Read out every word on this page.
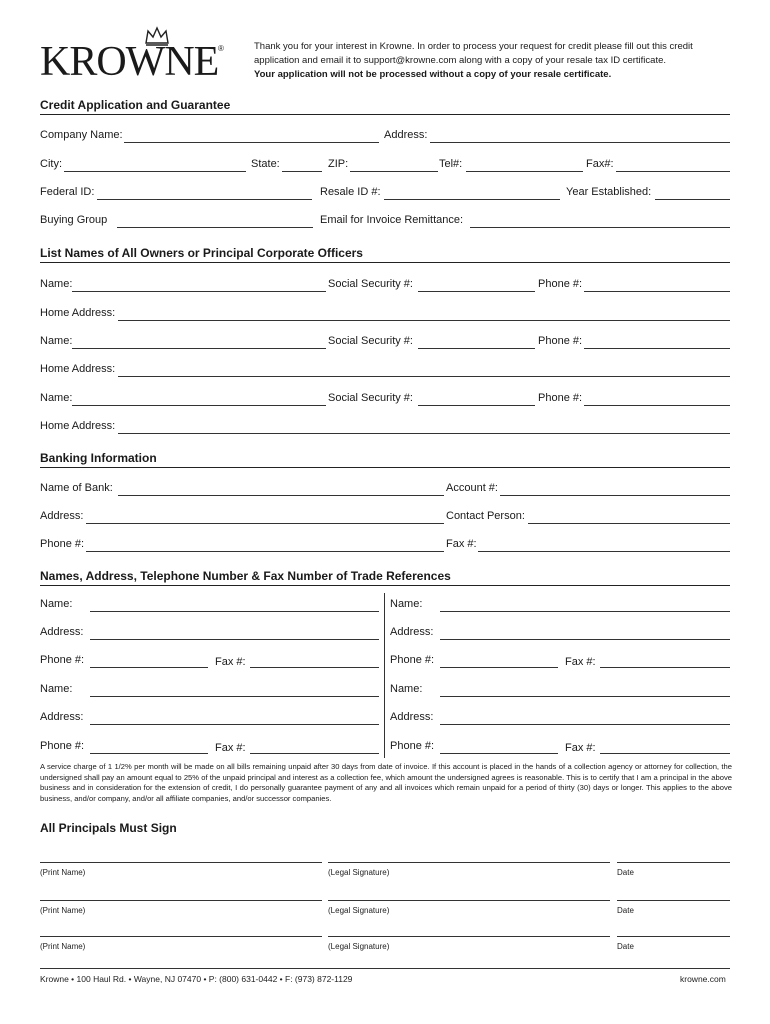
KROWNE ®	Thank you for your interest in Krowne. In order to process your request for credit please fill out this credit
application and email it to support@krowne.com along with a copy of your resale tax ID certificate.
Your application will not be processed without a copy of your resale certificate.
Credit Application and Guarantee
Company Name:	Address:
City:	State:	ZIP:	Tel#:	Fax#:
Federal ID:	Resale ID #:	Year Established:
Buying Group	Email for Invoice Remittance:
List Names of All Owners or Principal Corporate Officers
Name:	Social Security #:	Phone #:
Home Address:
Name:	Social Security #:	Phone #:
Home Address:
Name:	Social Security #:	Phone #:
Home Address:
Banking Information
Name of Bank:	Account #:
Address:	Contact Person:
Phone #:	Fax #:
Names, Address, Telephone Number & Fax Number of Trade References
Name:
Address:
Phone #:	Fax #:
Name:
Address:
Phone #:	Fax #:
Name:
Address:
Phone #:	Fax #:
Name:
Address:
Phone #:	Fax #:
A service charge of 1 1/2% per month will be made on all bills remaining unpaid after 30 days from date of invoice. If this account is placed in the hands of a collection agency or attorney for collection, the undersigned shall pay an amount equal to 25% of the unpaid principal and interest as a collection fee, which amount the undersigned agrees is reasonable. This is to certify that I am a principal in the above business and in consideration for the extension of credit, I do personally guarantee payment of any and all invoices which remain unpaid for a period of thirty (30) days or longer. This applies to the above business, and/or company, and/or all affiliate companies, and/or successor companies.
All Principals Must Sign
(Print Name)	(Legal Signature)	Date
(Print Name)	(Legal Signature)	Date
(Print Name)	(Legal Signature)	Date
Krowne • 100 Haul Rd. • Wayne, NJ 07470 • P: (800) 631-0442 • F: (973) 872-1129	krowne.com
